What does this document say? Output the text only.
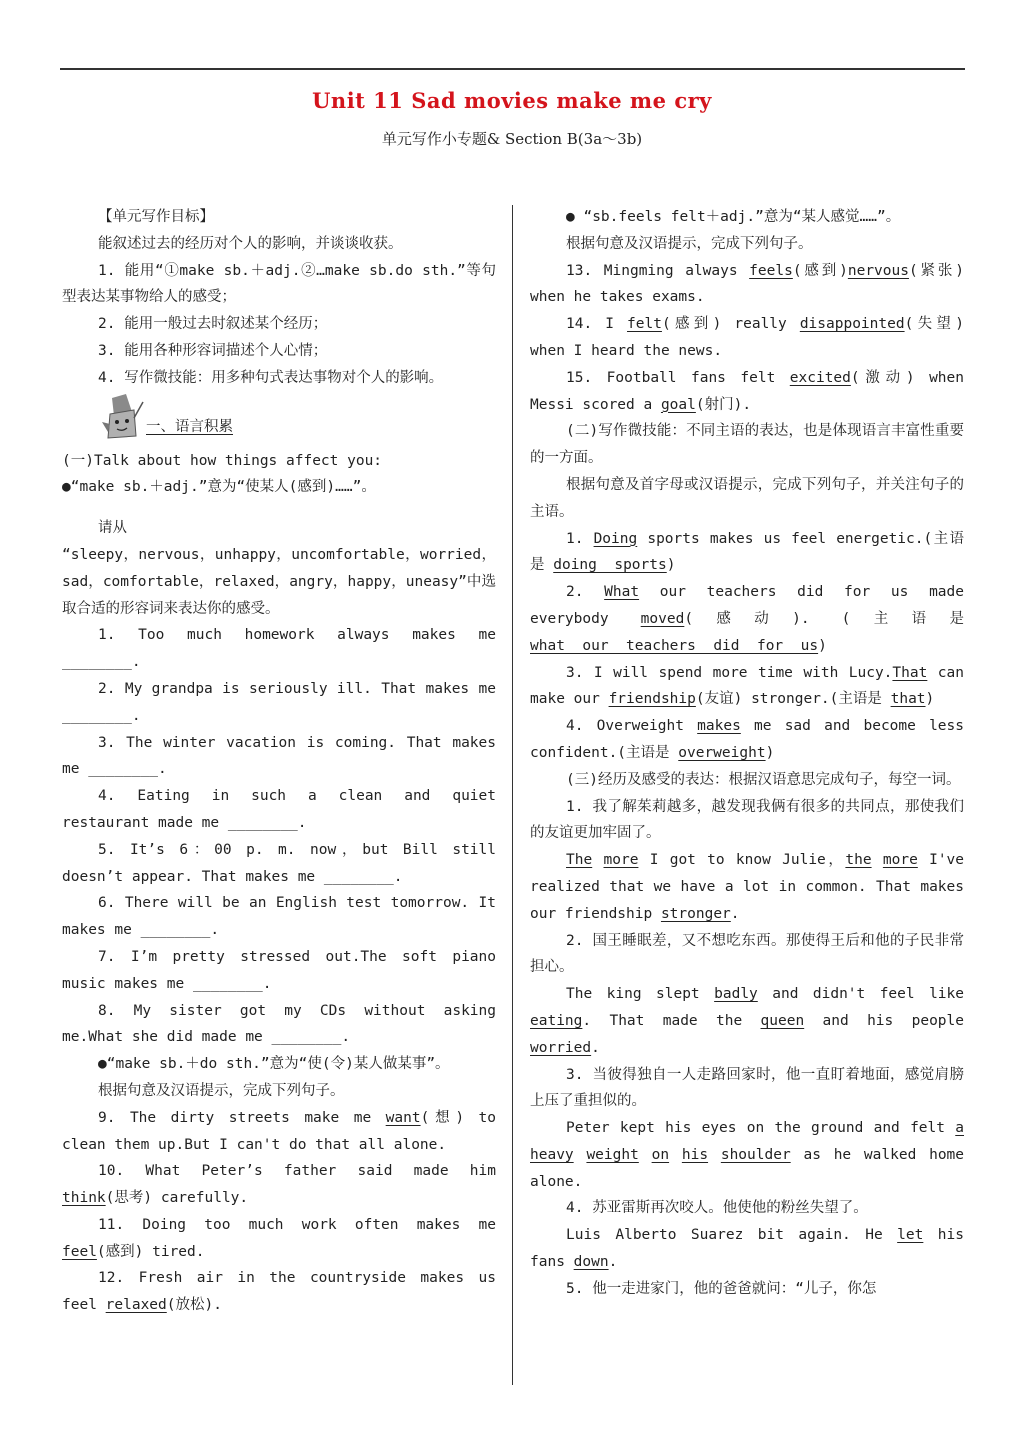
Unit 11 Sad movies make me cry
单元写作小专题& Section B(3a～3b)

【单元写作目标】

能叙述过去的经历对个人的影响，并谈谈收获。

1. 能用“①make sb.＋adj.②…make sb.do sth.”等句型表达某事物给人的感受；

2. 能用一般过去时叙述某个经历；

3. 能用各种形容词描述个人心情；

4. 写作微技能：用多种句式表达事物对个人的影响。

一、语言积累

(一)Talk about how things affect you:

●“make sb.＋adj.”意为“使某人(感到)……”。

请从

“sleepy，nervous，unhappy，uncomfortable，worried，sad，comfortable，relaxed，angry，happy，uneasy”中选取合适的形容词来表达你的感受。

1. Too much homework always makes me ________.

2. My grandpa is seriously ill. That makes me ________.

3. The winter vacation is coming. That makes me ________.

4. Eating in such a clean and quiet restaurant made me ________.

5. It’s 6：00 p. m. now，but Bill still doesn’t appear. That makes me ________.

6. There will be an English test tomorrow. It makes me ________.

7. I’m pretty stressed out.The soft piano music makes me ________.

8. My sister got my CDs without asking me.What she did made me ________.

●“make sb.＋do sth.”意为“使(令)某人做某事”。

根据句意及汉语提示，完成下列句子。

9. The dirty streets make me want(想) to clean them up.But I can't do that all alone.

10. What Peter’s father said made him think(思考) carefully.

11. Doing too much work often makes me feel(感到) tired.

12. Fresh air in the countryside makes us feel relaxed(放松).

● “sb.feels felt＋adj.”意为“某人感觉……”。

根据句意及汉语提示，完成下列句子。

13. Mingming always feels(感到)nervous(紧张) when he takes exams.

14. I felt(感到) really disappointed(失望) when I heard the news.

15. Football fans felt excited(激动) when Messi scored a goal(射门).

(二)写作微技能：不同主语的表达，也是体现语言丰富性重要的一方面。

根据句意及首字母或汉语提示，完成下列句子，并关注句子的主语。

1. Doing sports makes us feel energetic.(主语是 doing  sports)

2. What our teachers did for us made everybody moved(感动). (主语是 what  our  teachers  did  for  us)

3. I will spend more time with Lucy.That can make our friendship(友谊) stronger.(主语是 that)

4. Overweight makes me sad and become less confident.(主语是 overweight)

(三)经历及感受的表达：根据汉语意思完成句子，每空一词。

1. 我了解茱莉越多，越发现我俩有很多的共同点，那使我们的友谊更加牢固了。

The more I got to know Julie，the more I've realized that we have a lot in common. That makes our friendship stronger.

2. 国王睡眠差，又不想吃东西。那使得王后和他的子民非常担心。

The king slept badly and didn't feel like eating. That made the queen and his people worried.

3. 当彼得独自一人走路回家时，他一直盯着地面，感觉肩膀上压了重担似的。

Peter kept his eyes on the ground and felt a heavy weight on his shoulder as he walked home alone.

4. 苏亚雷斯再次咬人。他使他的粉丝失望了。

Luis Alberto Suarez bit again. He let his fans down.

5. 他一走进家门，他的爸爸就问：“儿子，你怎
